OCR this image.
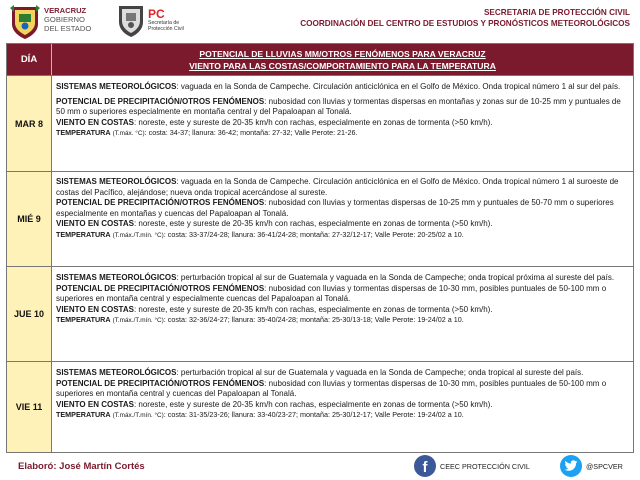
VERACRUZ
GOBIERNO
DEL ESTADO
PC
Secretaría de
Protección Civil
SECRETARIA DE PROTECCIÓN CIVIL
COORDINACIÓN DEL CENTRO DE ESTUDIOS Y PRONÓSTICOS METEOROLÓGICOS
DÍA
POTENCIAL DE LLUVIAS MM/OTROS FENÓMENOS PARA VERACRUZ
VIENTO PARA LAS COSTAS/COMPORTAMIENTO PARA LA TEMPERATURA
MAR 8

SISTEMAS METEOROLÓGICOS: vaguada en la Sonda de Campeche. Circulación anticiclónica en el Golfo de México. Onda tropical número 1 al sur del país.

POTENCIAL DE PRECIPITACIÓN/OTROS FENÓMENOS: nubosidad con lluvias y tormentas dispersas en montañas y zonas sur de 10-25 mm y puntuales de 50 mm o superiores especialmente en montaña central y del Papaloapan al Tonalá.

VIENTO EN COSTAS: noreste, este y sureste de 20-35 km/h con rachas, especialmente en zonas de tormenta (>50 km/h).

TEMPERATURA (T.máx. °C): costa: 34-37; llanura: 36-42; montaña: 27-32; Valle Perote: 21-26.

MIÉ 9

SISTEMAS METEOROLÓGICOS: vaguada en la Sonda de Campeche. Circulación anticiclónica en el Golfo de México. Onda tropical número 1 al suroeste de costas del Pacífico, alejándose; nueva onda tropical acercándose al sureste.

POTENCIAL DE PRECIPITACIÓN/OTROS FENÓMENOS: nubosidad con lluvias y tormentas dispersas de 10-25 mm y puntuales de 50-70 mm o superiores especialmente en montañas y cuencas del Papaloapan al Tonalá.

VIENTO EN COSTAS: noreste, este y sureste de 20-35 km/h con rachas, especialmente en zonas de tormenta (>50 km/h).

TEMPERATURA (T.máx./T.mín. °C): costa: 33-37/24-28; llanura: 36-41/24-28; montaña: 27-32/12-17; Valle Perote: 20-25/02 a 10.

JUE 10

SISTEMAS METEOROLÓGICOS: perturbación tropical al sur de Guatemala y vaguada en la Sonda de Campeche; onda tropical próxima al sureste del país.

POTENCIAL DE PRECIPITACIÓN/OTROS FENÓMENOS: nubosidad con lluvias y tormentas dispersas de 10-30 mm, posibles puntuales de 50-100 mm o superiores en montaña central y especialmente cuencas del Papaloapan al Tonalá.

VIENTO EN COSTAS: noreste, este y sureste de 20-35 km/h con rachas, especialmente en zonas de tormenta (>50 km/h).

TEMPERATURA (T.máx./T.mín. °C): costa: 32-36/24-27; llanura: 35-40/24-28; montaña: 25-30/13-18; Valle Perote: 19-24/02 a 10.

VIE 11

SISTEMAS METEOROLÓGICOS: perturbación tropical al sur de Guatemala y vaguada en la Sonda de Campeche; onda tropical al sureste del país.

POTENCIAL DE PRECIPITACIÓN/OTROS FENÓMENOS: nubosidad con lluvias y tormentas dispersas de 10-30 mm, posibles puntuales de 50-100 mm o superiores en montaña central y cuencas del Papaloapan al Tonalá.

VIENTO EN COSTAS: noreste, este y sureste de 20-35 km/h con rachas, especialmente en zonas de tormenta (>50 km/h).

TEMPERATURA (T.máx./T.mín. °C): costa: 31-35/23-26; llanura: 33-40/23-27; montaña: 25-30/12-17; Valle Perote: 19-24/02 a 10.

Elaboró: José Martín Cortés	f CEEC PROTECCIÓN CIVIL	@SPCVER
